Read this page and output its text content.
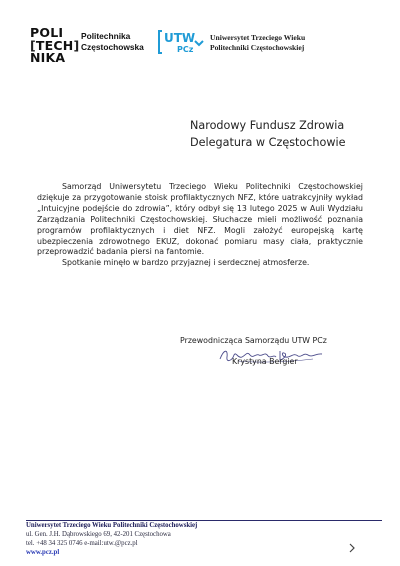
POLI
[TECH]
NIKA
Politechnika
Częstochowska
UTW
PCz
Uniwersytet Trzeciego Wieku
Politechniki Częstochowskiej
Narodowy Fundusz Zdrowia
Delegatura w Częstochowie

Samorząd Uniwersytetu Trzeciego Wieku Politechniki Częstochowskiej dziękuje za przygotowanie stoisk profilaktycznych NFZ, które uatrakcyjniły wykład „Intuicyjne podejście do zdrowia”, który odbył się 13 lutego 2025 w Auli Wydziału Zarządzania Politechniki Częstochowskiej. Słuchacze mieli możliwość poznania programów profilaktycznych i diet NFZ. Mogli założyć europejską kartę ubezpieczenia zdrowotnego EKUZ, dokonać pomiaru masy ciała, praktycznie przeprowadzić badania piersi na fantomie.

Spotkanie minęło w bardzo przyjaznej i serdecznej atmosferze.

Przewodnicząca Samorządu UTW PCz
Krystyna Bergier
Uniwersytet Trzeciego Wieku Politechniki Częstochowskiej
ul. Gen. J.H. Dąbrowskiego 69, 42-201 Częstochowa
tel. +48 34 325 0746 e-mail:utw.@pcz.pl
www.pcz.pl
